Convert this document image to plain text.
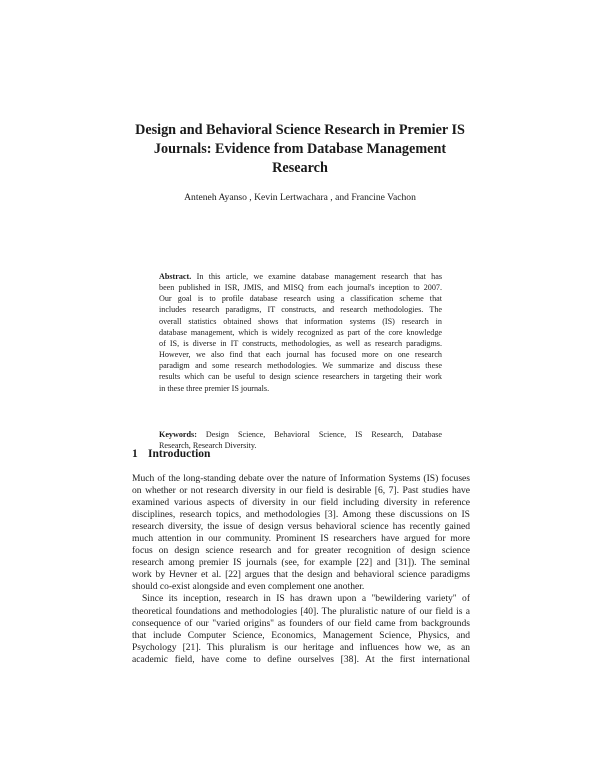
Design and Behavioral Science Research in Premier IS
Journals: Evidence from Database Management
Research
Anteneh Ayanso , Kevin Lertwachara , and Francine Vachon
Abstract. In this article, we examine database management research that has
been published in ISR, JMIS, and MISQ from each journal's inception to 2007.
Our goal is to profile database research using a classification scheme that
includes research paradigms, IT constructs, and research methodologies. The
overall statistics obtained shows that information systems (IS) research in
database management, which is widely recognized as part of the core knowledge
of IS, is diverse in IT constructs, methodologies, as well as research paradigms.
However, we also find that each journal has focused more on one research
paradigm and some research methodologies. We summarize and discuss these
results which can be useful to design science researchers in targeting their work
in these three premier IS journals.
Keywords: Design Science, Behavioral Science, IS Research, Database
Research, Research Diversity.
1 Introduction
Much of the long-standing debate over the nature of Information Systems (IS) focuses
on whether or not research diversity in our field is desirable [6, 7]. Past studies have
examined various aspects of diversity in our field including diversity in reference
disciplines, research topics, and methodologies [3]. Among these discussions on IS
research diversity, the issue of design versus behavioral science has recently gained
much attention in our community. Prominent IS researchers have argued for more
focus on design science research and for greater recognition of design science
research among premier IS journals (see, for example [22] and [31]). The seminal
work by Hevner et al. [22] argues that the design and behavioral science paradigms
should co-exist alongside and even complement one another.
Since its inception, research in IS has drawn upon a "bewildering variety" of
theoretical foundations and methodologies [40]. The pluralistic nature of our field is a
consequence of our "varied origins" as founders of our field came from backgrounds
that include Computer Science, Economics, Management Science, Physics, and
Psychology [21]. This pluralism is our heritage and influences how we, as an
academic field, have come to define ourselves [38]. At the first international
